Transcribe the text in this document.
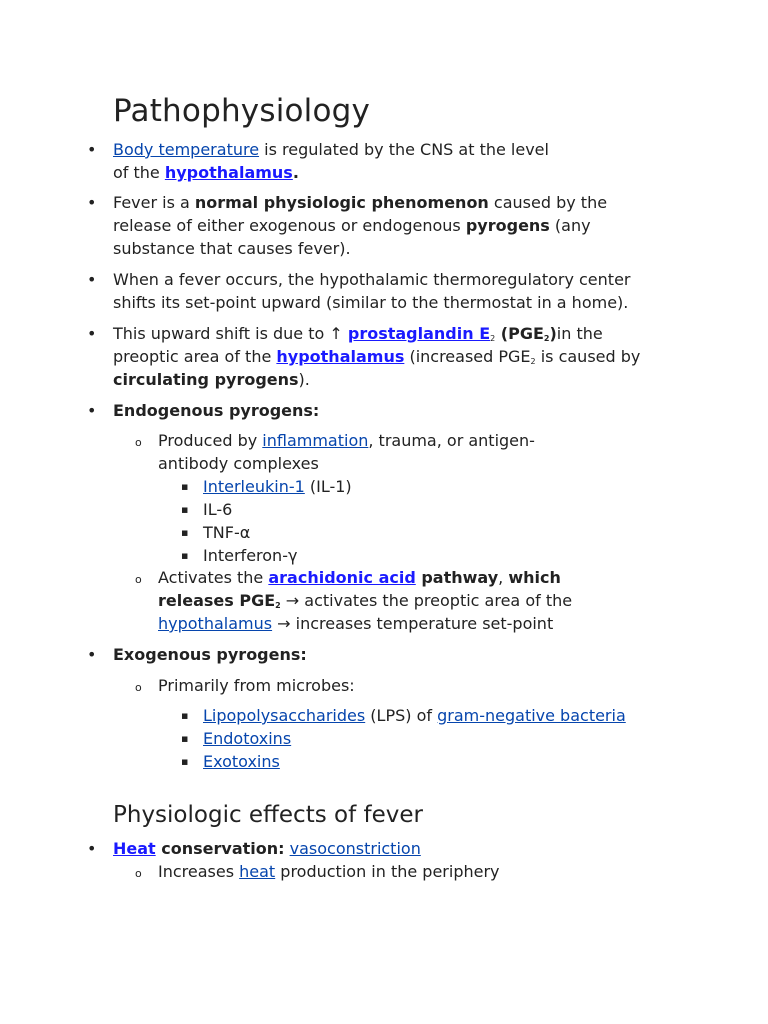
Pathophysiology
• Body temperature is regulated by the CNS at the level of the hypothalamus.
• Fever is a normal physiologic phenomenon caused by the release of either exogenous or endogenous pyrogens (any substance that causes fever).
• When a fever occurs, the hypothalamic thermoregulatory center shifts its set-point upward (similar to the thermostat in a home).
• This upward shift is due to ↑ prostaglandin $E_2$ $(PGE_2)in$ the preoptic area of the hypothalamus (increased $PGE_2$ is caused by circulating pyrogens).
• Endogenous pyrogens:
o Produced by inflammation, trauma, or antigen-antibody complexes
▪ Interleukin-1 (IL-1)
▪ IL-6
▪ TNF-α
▪ Interferon-γ
o Activates the arachidonic acid pathway, which releases $PGE_2$ → activates the preoptic area of the hypothalamus → increases temperature set-point
• Exogenous pyrogens:
o Primarily from microbes:
▪ Lipopolysaccharides (LPS) of gram-negative bacteria
▪ Endotoxins
▪ Exotoxins
Physiologic effects of fever
• Heat conservation: vasoconstriction
o Increases heat production in the periphery
